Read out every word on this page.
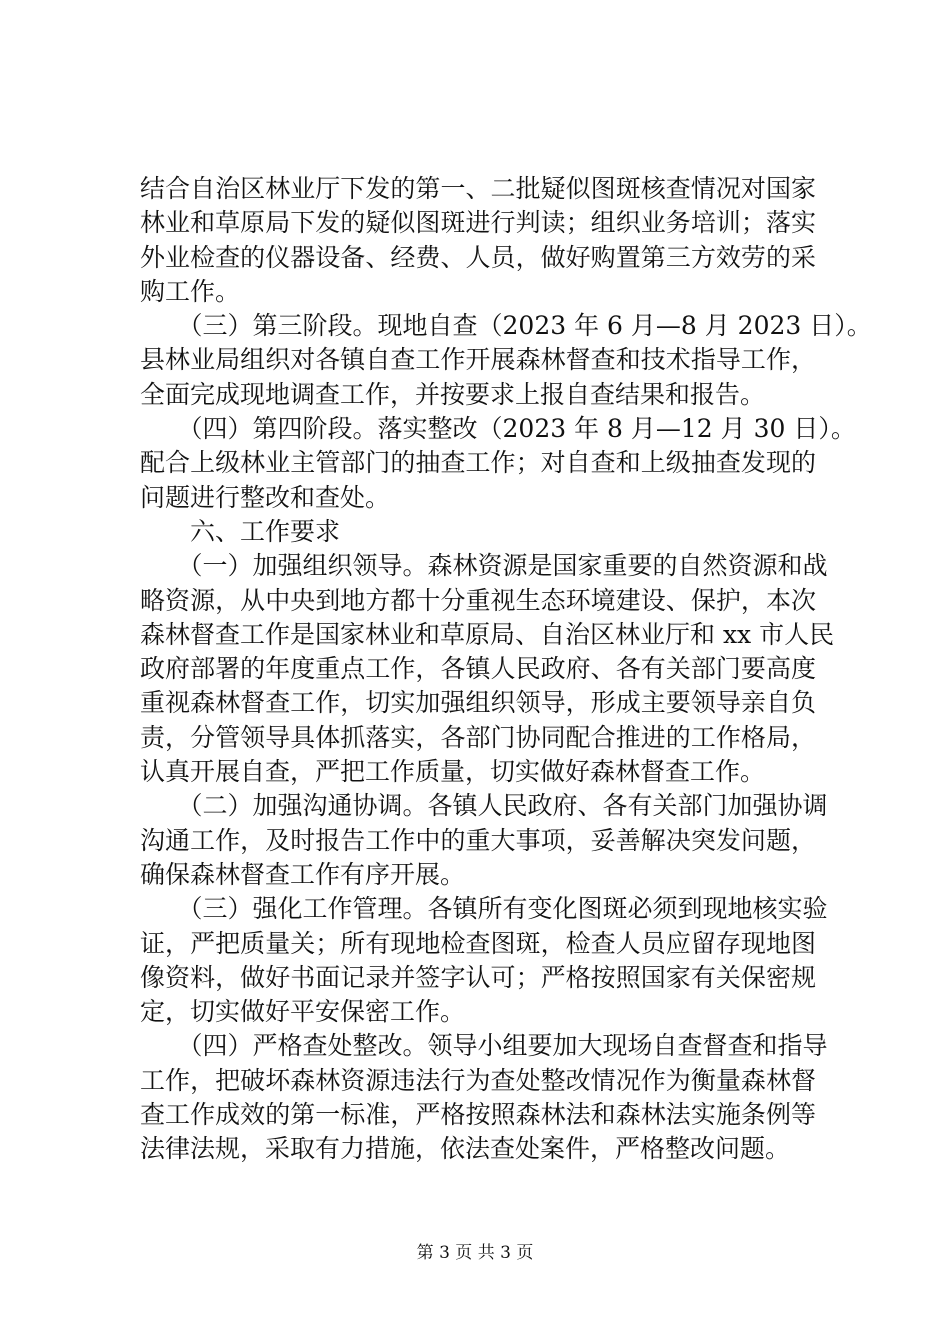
结合自治区林业厅下发的第一、二批疑似图斑核查情况对国家
林业和草原局下发的疑似图斑进行判读；组织业务培训；落实
外业检查的仪器设备、经费、人员，做好购置第三方效劳的采
购工作。
　　（三）第三阶段。现地自查（2023 年 6 月—8 月 2023 日）。
县林业局组织对各镇自查工作开展森林督查和技术指导工作，
全面完成现地调查工作，并按要求上报自查结果和报告。
　　（四）第四阶段。落实整改（2023 年 8 月—12 月 30 日）。
配合上级林业主管部门的抽查工作；对自查和上级抽查发现的
问题进行整改和查处。
　　六、工作要求
　　（一）加强组织领导。森林资源是国家重要的自然资源和战
略资源，从中央到地方都十分重视生态环境建设、保护，本次
森林督查工作是国家林业和草原局、自治区林业厅和 xx 市人民
政府部署的年度重点工作，各镇人民政府、各有关部门要高度
重视森林督查工作，切实加强组织领导，形成主要领导亲自负
责，分管领导具体抓落实，各部门协同配合推进的工作格局，
认真开展自查，严把工作质量，切实做好森林督查工作。
　　（二）加强沟通协调。各镇人民政府、各有关部门加强协调
沟通工作，及时报告工作中的重大事项，妥善解决突发问题，
确保森林督查工作有序开展。
　　（三）强化工作管理。各镇所有变化图斑必须到现地核实验
证，严把质量关；所有现地检查图斑，检查人员应留存现地图
像资料，做好书面记录并签字认可；严格按照国家有关保密规
定，切实做好平安保密工作。
　　（四）严格查处整改。领导小组要加大现场自查督查和指导
工作，把破坏森林资源违法行为查处整改情况作为衡量森林督
查工作成效的第一标准，严格按照森林法和森林法实施条例等
法律法规，采取有力措施，依法查处案件，严格整改问题。
第 3 页 共 3 页
